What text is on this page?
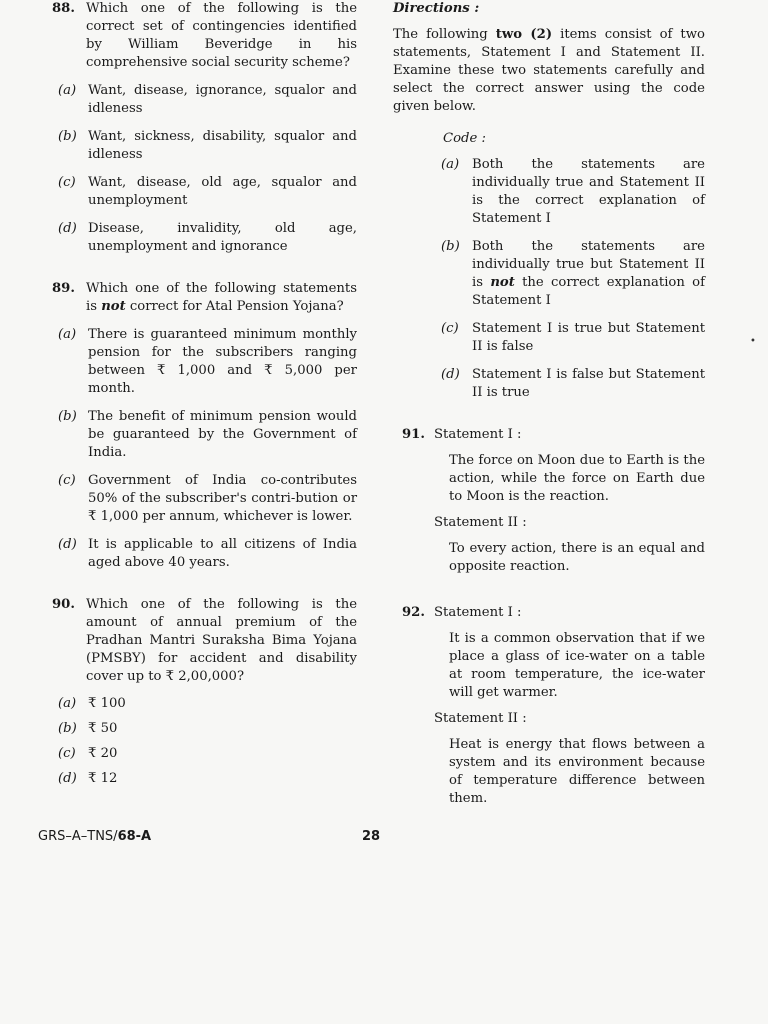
88. Which one of the following is the correct set of contingencies identified by William Beveridge in his comprehensive social security scheme?
(a) Want, disease, ignorance, squalor and idleness
(b) Want, sickness, disability, squalor and idleness
(c) Want, disease, old age, squalor and unemployment
(d) Disease, invalidity, old age, unemployment and ignorance
89. Which one of the following statements is not correct for Atal Pension Yojana?
(a) There is guaranteed minimum monthly pension for the subscribers ranging between ₹ 1,000 and ₹ 5,000 per month.
(b) The benefit of minimum pension would be guaranteed by the Government of India.
(c) Government of India co-contributes 50% of the subscriber's contri-bution or ₹ 1,000 per annum, whichever is lower.
(d) It is applicable to all citizens of India aged above 40 years.
90. Which one of the following is the amount of annual premium of the Pradhan Mantri Suraksha Bima Yojana (PMSBY) for accident and disability cover up to ₹ 2,00,000?
(a) ₹ 100
(b) ₹ 50
(c) ₹ 20
(d) ₹ 12
Directions :
The following two (2) items consist of two statements, Statement I and Statement II. Examine these two statements carefully and select the correct answer using the code given below.
Code :
(a) Both the statements are individually true and Statement II is the correct explanation of Statement I
(b) Both the statements are individually true but Statement II is not the correct explanation of Statement I
(c) Statement I is true but Statement II is false
(d) Statement I is false but Statement II is true
91. Statement I :
The force on Moon due to Earth is the action, while the force on Earth due to Moon is the reaction.
Statement II :
To every action, there is an equal and opposite reaction.
92. Statement I :
It is a common observation that if we place a glass of ice-water on a table at room temperature, the ice-water will get warmer.
Statement II :
Heat is energy that flows between a system and its environment because of temperature difference between them.
GRS–A–TNS/68-A	28
•
